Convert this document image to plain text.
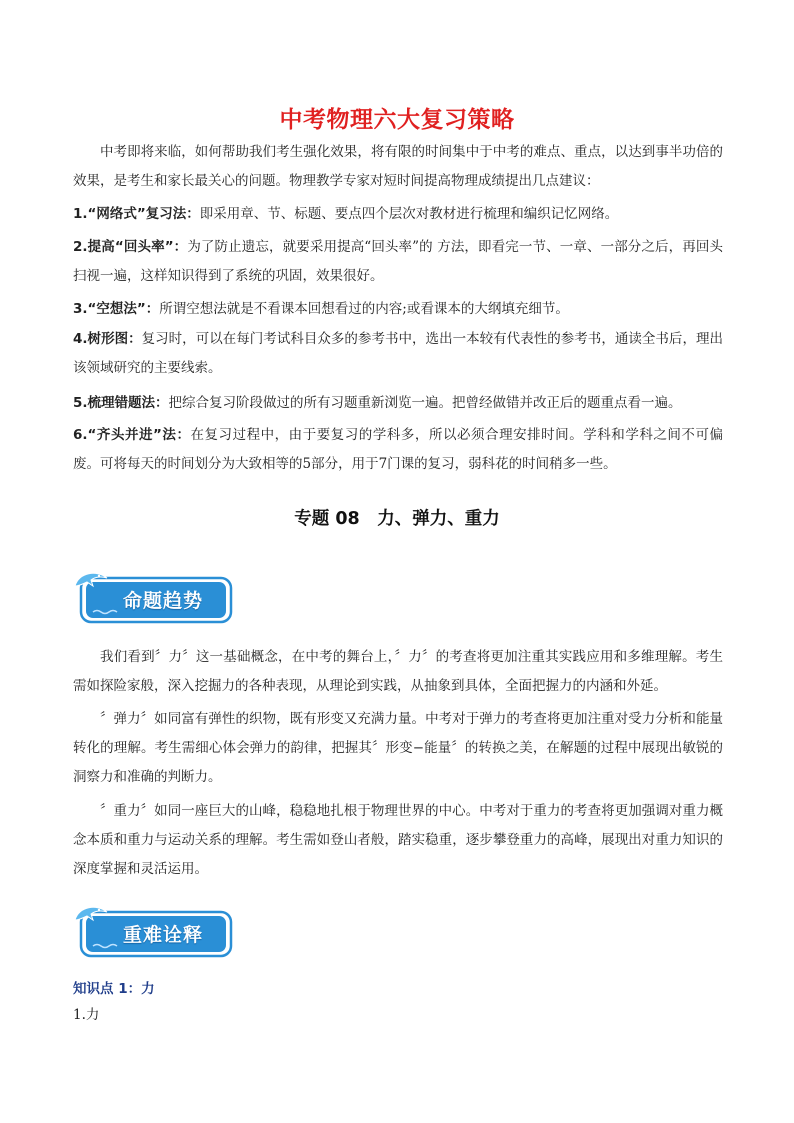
中考物理六大复习策略

中考即将来临，如何帮助我们考生强化效果，将有限的时间集中于中考的难点、重点，以达到事半功倍的效果，是考生和家长最关心的问题。物理教学专家对短时间提高物理成绩提出几点建议：

1.“网络式”复习法：即采用章、节、标题、要点四个层次对教材进行梳理和编织记忆网络。

2.提高“回头率”：为了防止遗忘，就要采用提高“回头率”的 方法，即看完一节、一章、一部分之后，再回头扫视一遍，这样知识得到了系统的巩固，效果很好。

3.“空想法”：所谓空想法就是不看课本回想看过的内容;或看课本的大纲填充细节。

4.树形图：复习时，可以在每门考试科目众多的参考书中，选出一本较有代表性的参考书，通读全书后，理出该领域研究的主要线索。

5.梳理错题法：把综合复习阶段做过的所有习题重新浏览一遍。把曾经做错并改正后的题重点看一遍。

6.“齐头并进”法：在复习过程中，由于要复习的学科多，所以必须合理安排时间。学科和学科之间不可偏废。可将每天的时间划分为大致相等的5部分，用于7门课的复习，弱科花的时间稍多一些。

专题 08　力、弹力、重力
命题趋势

我们看到〞力〞这一基础概念，在中考的舞台上，〞力〞的考查将更加注重其实践应用和多维理解。考生需如探险家般，深入挖掘力的各种表现，从理论到实践，从抽象到具体，全面把握力的内涵和外延。

〞弹力〞如同富有弹性的织物，既有形变又充满力量。中考对于弹力的考查将更加注重对受力分析和能量转化的理解。考生需细心体会弹力的韵律，把握其〞形变−能量〞的转换之美，在解题的过程中展现出敏锐的洞察力和准确的判断力。

〞重力〞如同一座巨大的山峰，稳稳地扎根于物理世界的中心。中考对于重力的考查将更加强调对重力概念本质和重力与运动关系的理解。考生需如登山者般，踏实稳重，逐步攀登重力的高峰，展现出对重力知识的深度掌握和灵活运用。

重难诠释
知识点 1：力
1.力
